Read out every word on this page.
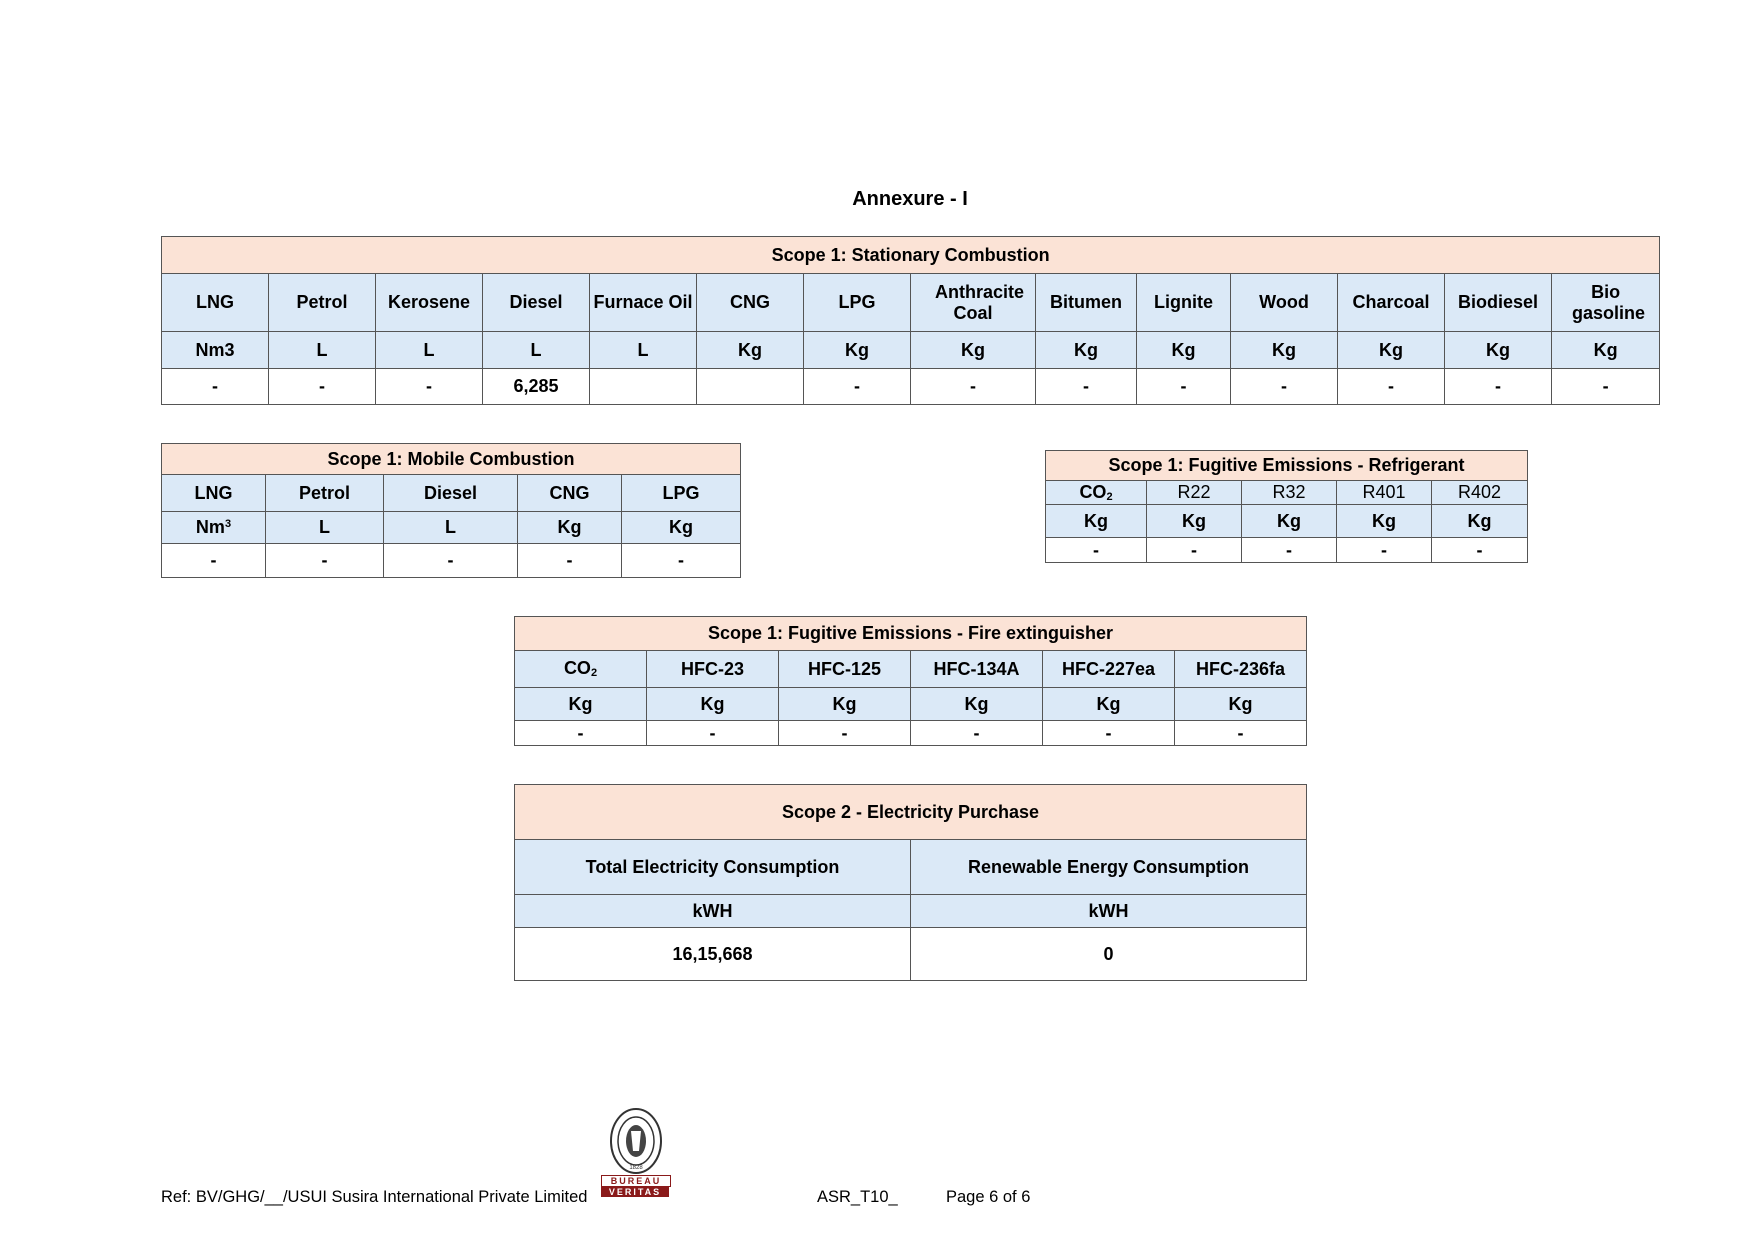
Annexure - I
Scope 1: Stationary Combustion													
LNG	Petrol	Kerosene	Diesel	Furnace Oil	CNG	LPG	Anthracite Coal	Bitumen	Lignite	Wood	Charcoal	Biodiesel	Bio gasoline
Nm3	L	L	L	L	Kg	Kg	Kg	Kg	Kg	Kg	Kg	Kg	Kg
-	-	-	6,285			-	-	-	-	-	-	-	-
Scope 1: Mobile Combustion				
LNG	Petrol	Diesel	CNG	LPG
Nm$^3$	L	L	Kg	Kg
-	-	-	-	-
Scope 1: Fugitive Emissions - Refrigerant				
$CO_2$	R22	R32	R401	R402
Kg	Kg	Kg	Kg	Kg
-	-	-	-	-
Scope 1: Fugitive Emissions - Fire extinguisher					
$CO_2$	HFC-23	HFC-125	HFC-134A	HFC-227ea	HFC-236fa
Kg	Kg	Kg	Kg	Kg	Kg
-	-	-	-	-	-
Scope 2 - Electricity Purchase	
Total Electricity Consumption	Renewable Energy Consumption
kWH	kWH
16,15,668	0
1828
BUREAU
VERITAS
Ref: BV/GHG/__/USUI Susira International Private Limited	ASR_T10_	Page 6 of 6
